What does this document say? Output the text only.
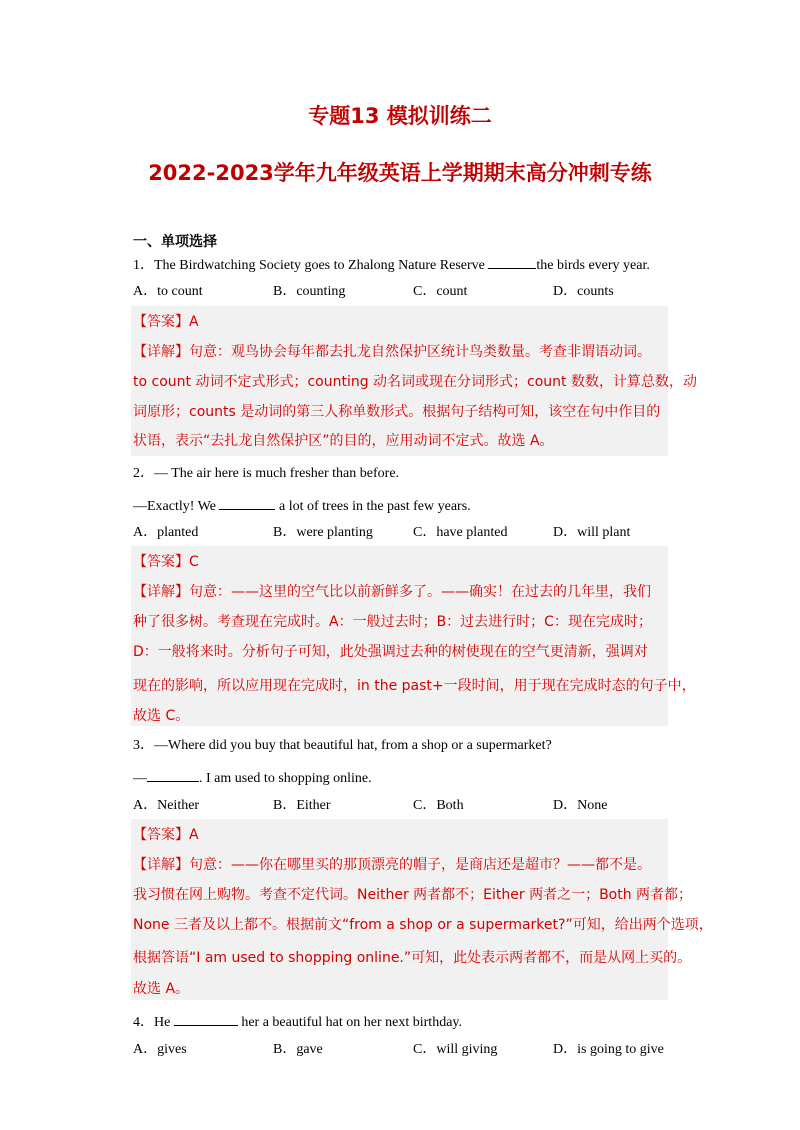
专题13 模拟训练二
2022-2023学年九年级英语上学期期末高分冲刺专练
一、单项选择
1．The Birdwatching Society goes to Zhalong Nature Reserve	the birds every year.
A．to count	B．counting	C．count	D．counts
【答案】A
【详解】句意：观鸟协会每年都去扎龙自然保护区统计鸟类数量。考查非谓语动词。
to count 动词不定式形式；counting 动名词或现在分词形式；count 数数，计算总数，动
词原形；counts 是动词的第三人称单数形式。根据句子结构可知，该空在句中作目的
状语，表示“去扎龙自然保护区”的目的，应用动词不定式。故选 A。
2．— The air here is much fresher than before.
—Exactly! We	a lot of trees in the past few years.
A．planted	B．were planting	C．have planted	D．will plant
【答案】C
【详解】句意：——这里的空气比以前新鲜多了。——确实！在过去的几年里，我们
种了很多树。考查现在完成时。A：一般过去时；B：过去进行时；C：现在完成时；
D：一般将来时。分析句子可知，此处强调过去种的树使现在的空气更清新，强调对
现在的影响，所以应用现在完成时，in the past+一段时间，用于现在完成时态的句子中，
故选 C。
3．—Where did you buy that beautiful hat, from a shop or a supermarket?
—	. I am used to shopping online.
A．Neither	B．Either	C．Both	D．None
【答案】A
【详解】句意：——你在哪里买的那顶漂亮的帽子，是商店还是超市？——都不是。
我习惯在网上购物。考查不定代词。Neither 两者都不；Either 两者之一；Both 两者都；
None 三者及以上都不。根据前文“from a shop or a supermarket?”可知，给出两个选项，
根据答语“I am used to shopping online.”可知，此处表示两者都不，而是从网上买的。
故选 A。
4．He	her a beautiful hat on her next birthday.
A．gives	B．gave	C．will giving	D．is going to give
